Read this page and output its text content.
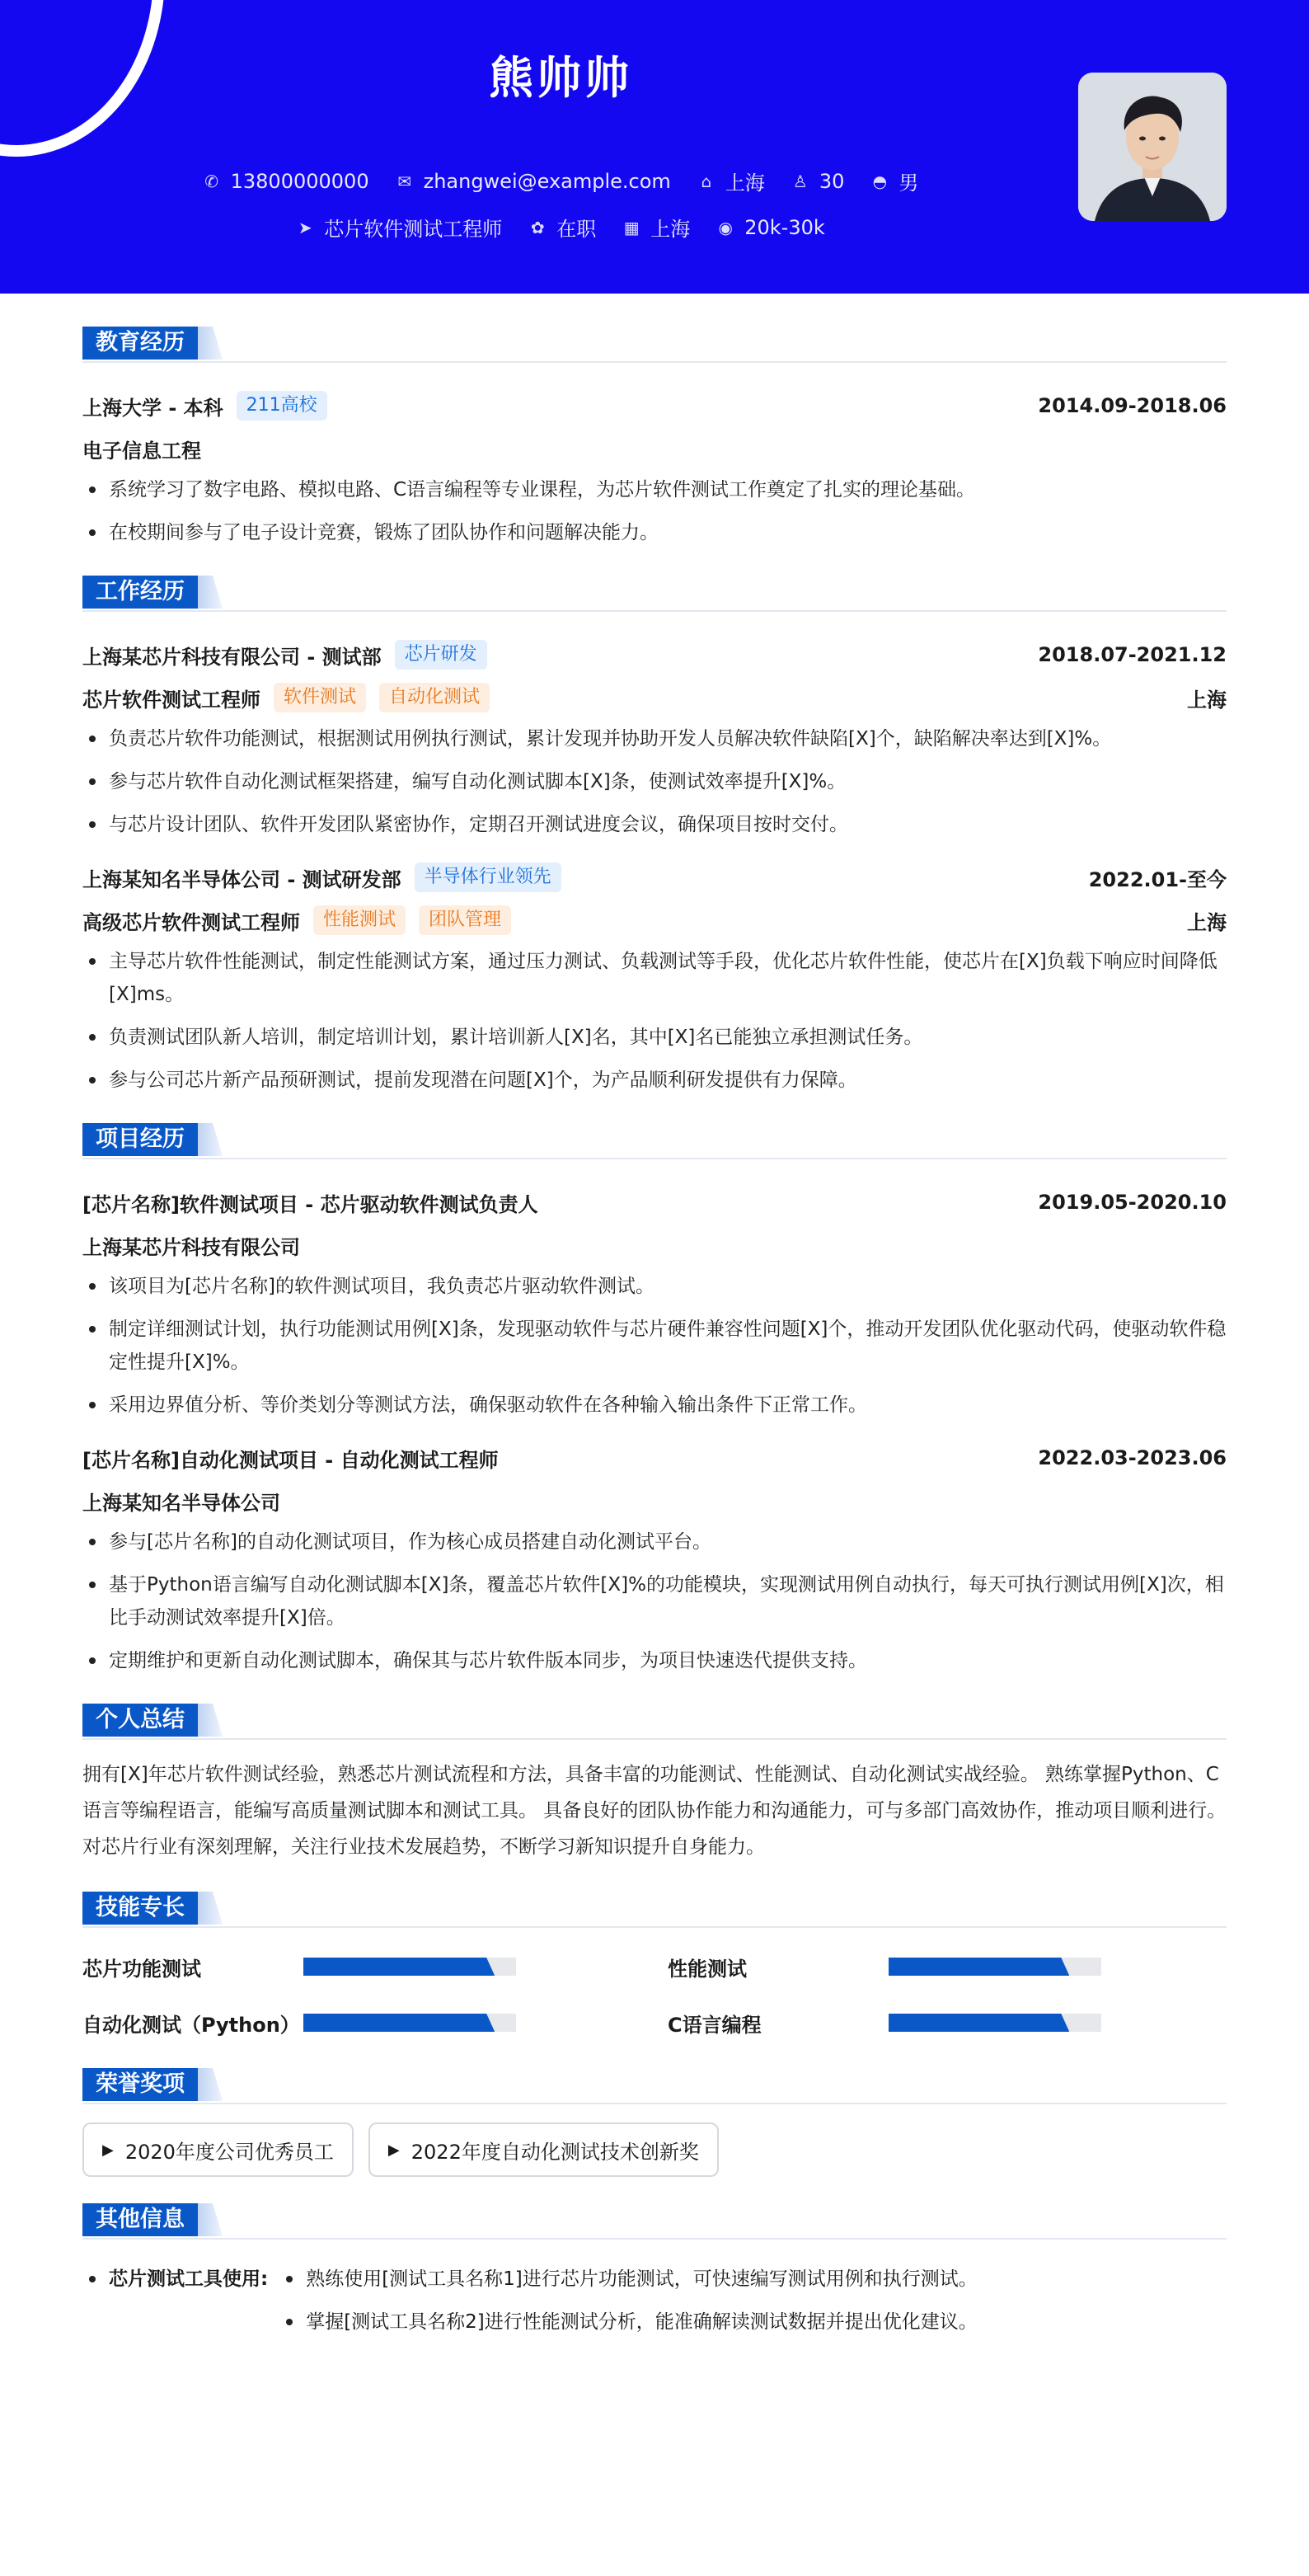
熊帅帅
✆ 13800000000 ✉ zhangwei@example.com ⌂ 上海 ♙ 30 ◓ 男
➤ 芯片软件测试工程师 ✿ 在职 ▦ 上海 ◉ 20k-30k
教育经历
上海大学 - 本科	211高校	2014.09-2018.06
电子信息工程
系统学习了数字电路、模拟电路、C语言编程等专业课程，为芯片软件测试工作奠定了扎实的理论基础。
在校期间参与了电子设计竞赛，锻炼了团队协作和问题解决能力。
工作经历
上海某芯片科技有限公司 - 测试部	芯片研发	2018.07-2021.12
芯片软件测试工程师	软件测试	自动化测试	上海
负责芯片软件功能测试，根据测试用例执行测试，累计发现并协助开发人员解决软件缺陷[X]个，缺陷解决率达到[X]%。
参与芯片软件自动化测试框架搭建，编写自动化测试脚本[X]条，使测试效率提升[X]%。
与芯片设计团队、软件开发团队紧密协作，定期召开测试进度会议，确保项目按时交付。
上海某知名半导体公司 - 测试研发部	半导体行业领先	2022.01-至今
高级芯片软件测试工程师	性能测试	团队管理	上海
主导芯片软件性能测试，制定性能测试方案，通过压力测试、负载测试等手段，优化芯片软件性能，使芯片在[X]负载下响应时间降低[X]ms。
负责测试团队新人培训，制定培训计划，累计培训新人[X]名，其中[X]名已能独立承担测试任务。
参与公司芯片新产品预研测试，提前发现潜在问题[X]个，为产品顺利研发提供有力保障。
项目经历
[芯片名称]软件测试项目 - 芯片驱动软件测试负责人	2019.05-2020.10
上海某芯片科技有限公司
该项目为[芯片名称]的软件测试项目，我负责芯片驱动软件测试。
制定详细测试计划，执行功能测试用例[X]条，发现驱动软件与芯片硬件兼容性问题[X]个，推动开发团队优化驱动代码，使驱动软件稳定性提升[X]%。
采用边界值分析、等价类划分等测试方法，确保驱动软件在各种输入输出条件下正常工作。
[芯片名称]自动化测试项目 - 自动化测试工程师	2022.03-2023.06
上海某知名半导体公司
参与[芯片名称]的自动化测试项目，作为核心成员搭建自动化测试平台。
基于Python语言编写自动化测试脚本[X]条，覆盖芯片软件[X]%的功能模块，实现测试用例自动执行，每天可执行测试用例[X]次，相比手动测试效率提升[X]倍。
定期维护和更新自动化测试脚本，确保其与芯片软件版本同步，为项目快速迭代提供支持。
个人总结
拥有[X]年芯片软件测试经验，熟悉芯片测试流程和方法，具备丰富的功能测试、性能测试、自动化测试实战经验。 熟练掌握Python、C语言等编程语言，能编写高质量测试脚本和测试工具。 具备良好的团队协作能力和沟通能力，可与多部门高效协作，推动项目顺利进行。 对芯片行业有深刻理解，关注行业技术发展趋势，不断学习新知识提升自身能力。
技能专长
芯片功能测试	性能测试
自动化测试（Python）	C语言编程
荣誉奖项
▶ 2020年度公司优秀员工	▶ 2022年度自动化测试技术创新奖
其他信息
芯片测试工具使用:	熟练使用[测试工具名称1]进行芯片功能测试，可快速编写测试用例和执行测试。
掌握[测试工具名称2]进行性能测试分析，能准确解读测试数据并提出优化建议。
